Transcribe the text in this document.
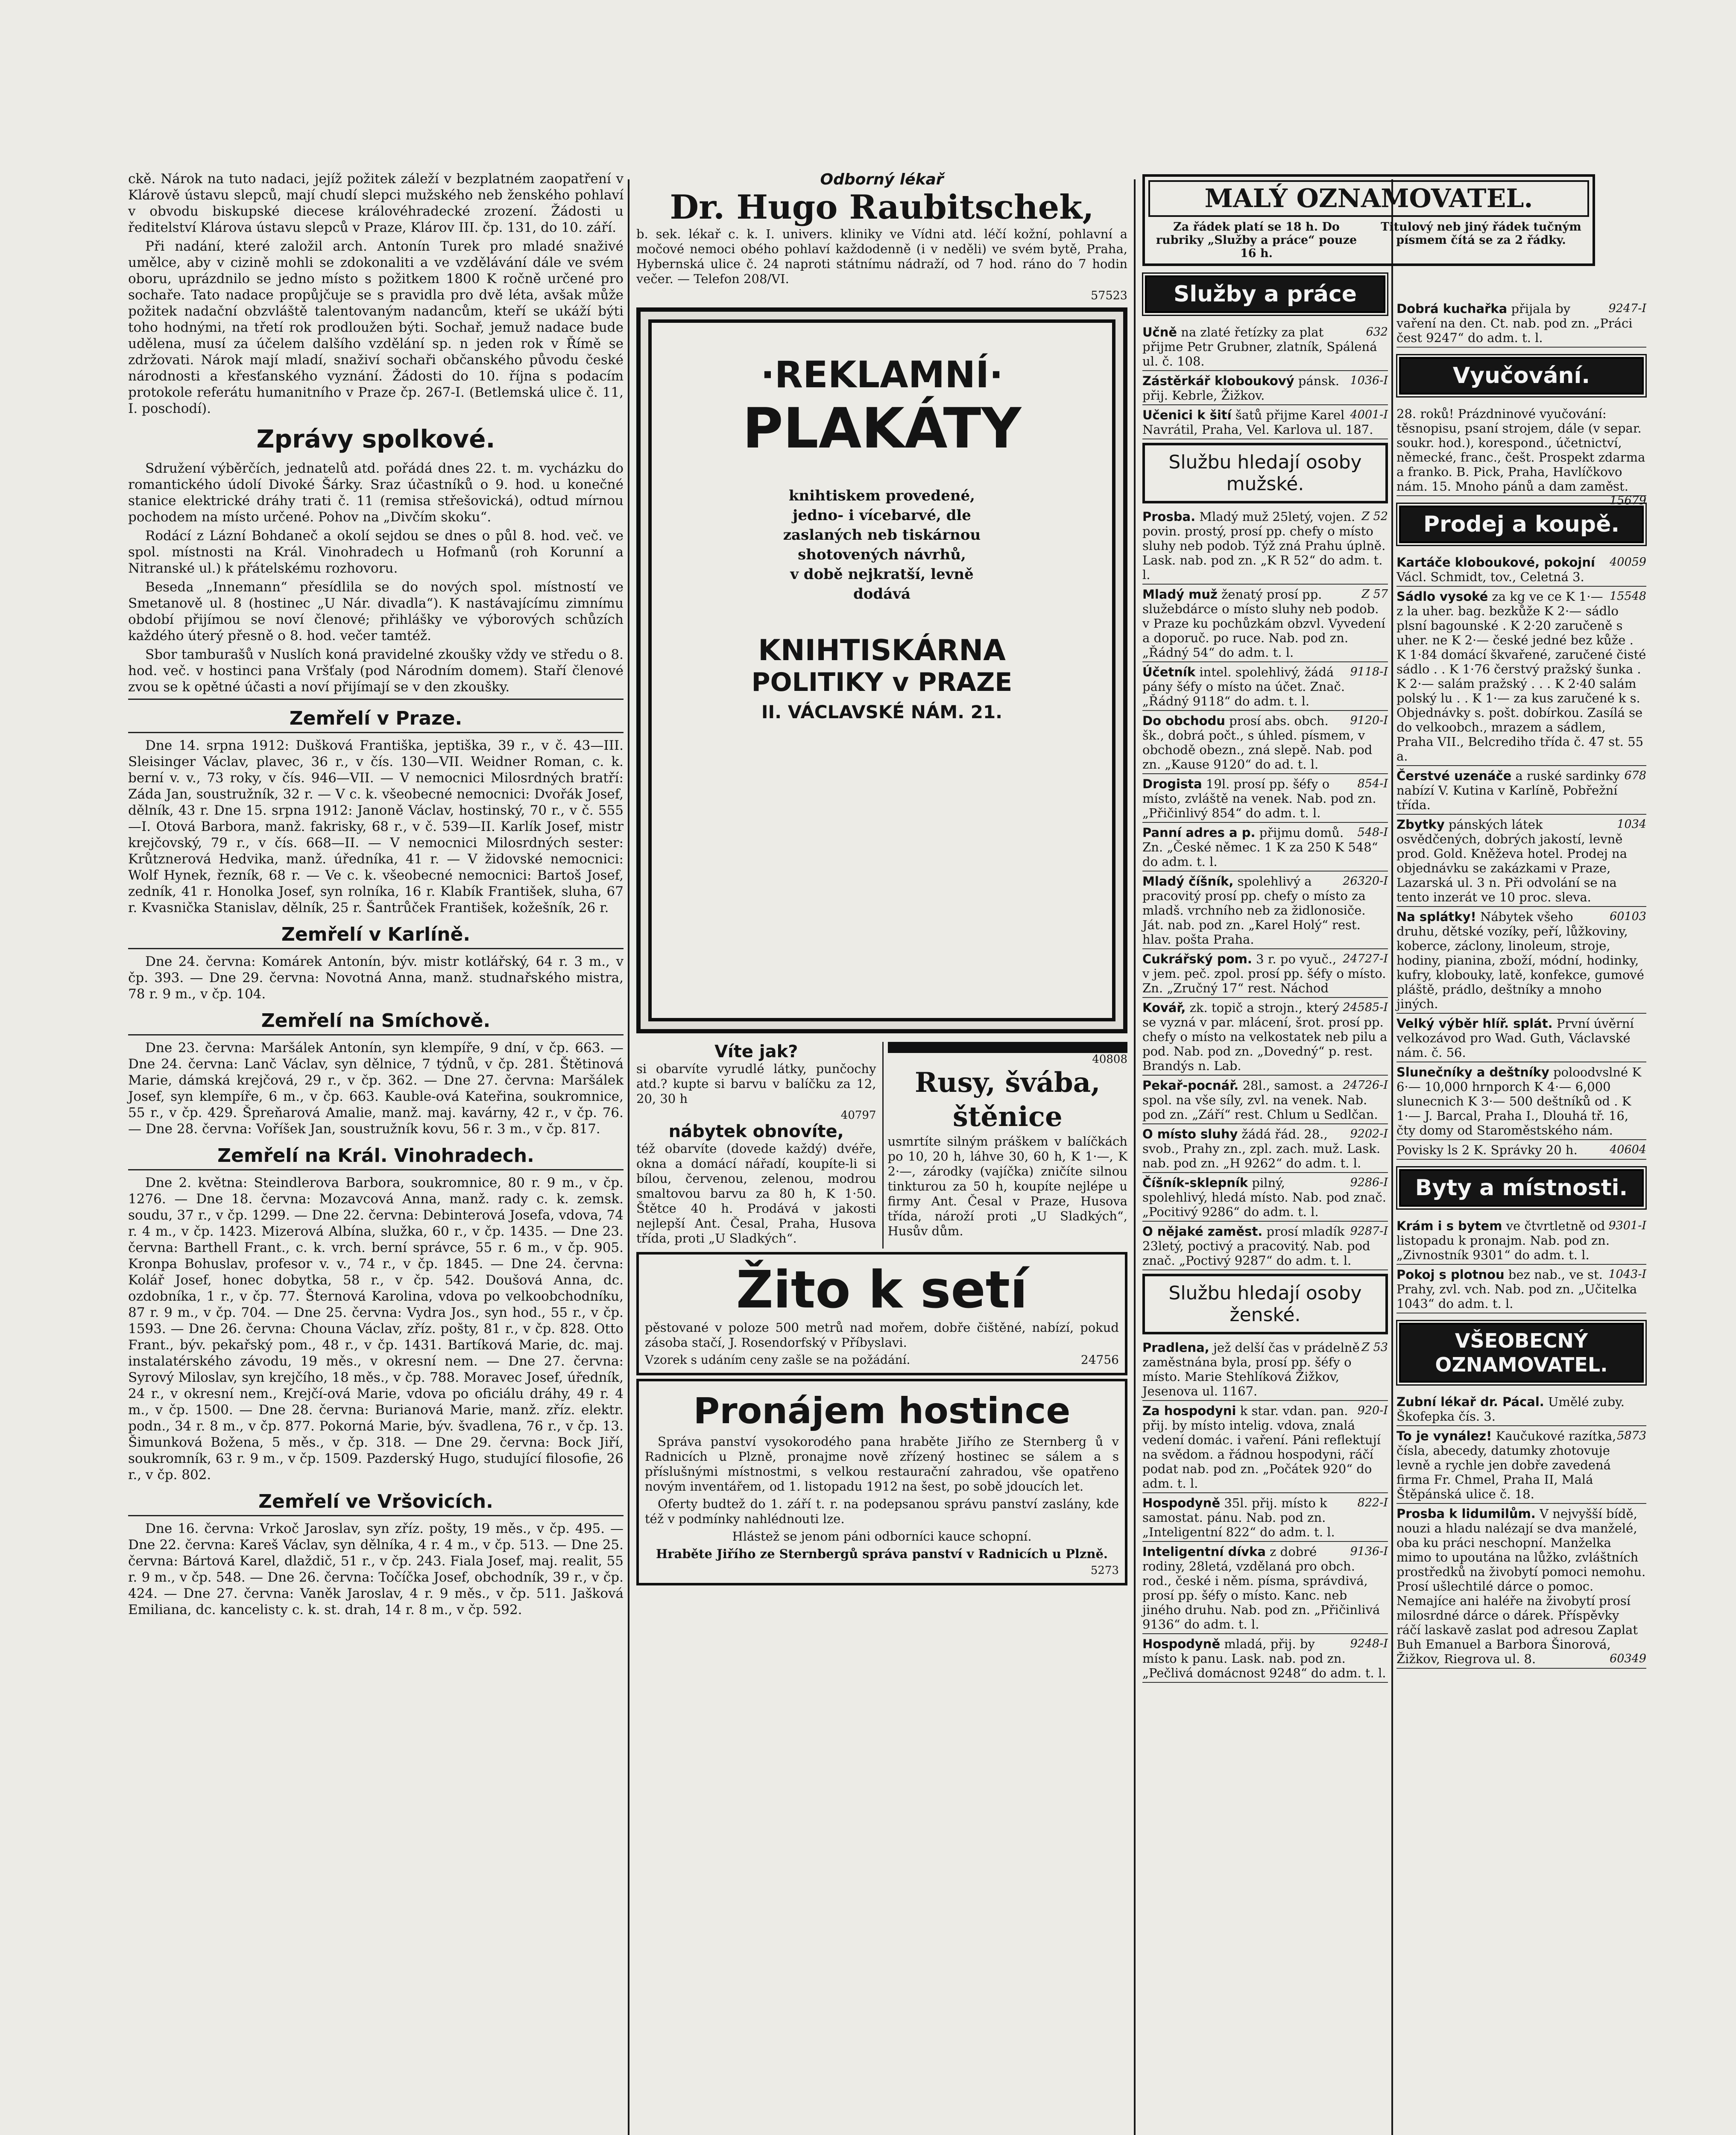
ckě. Nárok na tuto nadaci, jejíž požitek záleží v bezplatném zaopatření v Klárově ústavu slepců, mají chudí slepci mužského neb ženského pohlaví v obvodu biskupské diecese královéhradecké zrození. Žádosti u ředitelství Klárova ústavu slepců v Praze, Klárov III. čp. 131, do 10. září.

Při nadání, které založil arch. Antonín Turek pro mladé snaživé umělce, aby v cizině mohli se zdokonaliti a ve vzdělávání dále ve svém oboru, uprázdnilo se jedno místo s požitkem 1800 K ročně určené pro sochaře. Tato nadace propůjčuje se s pravidla pro dvě léta, avšak může požitek nadační obzvláště talentovaným nadancům, kteří se ukáží býti toho hodnými, na třetí rok prodloužen býti. Sochař, jemuž nadace bude udělena, musí za účelem dalšího vzdělání sp. n jeden rok v Římě se zdržovati. Nárok mají mladí, snaživí sochaři občanského původu české národnosti a křesťanského vyznání. Žádosti do 10. října s podacím protokole referátu humanitního v Praze čp. 267-I. (Betlemská ulice č. 11, I. poschodí).

Zprávy spolkové.

Sdružení výběrčích, jednatelů atd. pořádá dnes 22. t. m. vycházku do romantického údolí Divoké Šárky. Sraz účastníků o 9. hod. u konečné stanice elektrické dráhy trati č. 11 (remisa střešovická), odtud mírnou pochodem na místo určené. Pohov na „Divčím skoku“.

Rodácí z Lázní Bohdaneč a okolí sejdou se dnes o půl 8. hod. več. ve spol. místnosti na Král. Vinohradech u Hofmanů (roh Korunní a Nitranské ul.) k přátelskému rozhovoru.

Beseda „Innemann“ přesídlila se do nových spol. místností ve Smetanově ul. 8 (hostinec „U Nár. divadla“). K nastávajícímu zimnímu období přijímou se noví členové; přihlášky ve výborových schůzích každého úterý přesně o 8. hod. večer tamtéž.

Sbor tamburašů v Nuslích koná pravidelné zkoušky vždy ve středu o 8. hod. več. v hostinci pana Vršťaly (pod Národním domem). Staří členové zvou se k opětné účasti a noví přijímají se v den zkoušky.

Zemřelí v Praze.

Dne 14. srpna 1912: Dušková Františka, jeptiška, 39 r., v č. 43—III. Sleisinger Václav, plavec, 36 r., v čís. 130—VII. Weidner Roman, c. k. berní v. v., 73 roky, v čís. 946—VII. — V nemocnici Milosrdných bratří: Záda Jan, soustružník, 32 r. — V c. k. všeobecné nemocnici: Dvořák Josef, dělník, 43 r. Dne 15. srpna 1912: Janoně Václav, hostinský, 70 r., v č. 555—I. Otová Barbora, manž. fakrisky, 68 r., v č. 539—II. Karlík Josef, mistr krejčovský, 79 r., v čís. 668—II. — V nemocnici Milosrdných sester: Krůtznerová Hedvika, manž. úředníka, 41 r. — V židovské nemocnici: Wolf Hynek, řezník, 68 r. — Ve c. k. všeobecné nemocnici: Bartoš Josef, zedník, 41 r. Honolka Josef, syn rolníka, 16 r. Klabík František, sluha, 67 r. Kvasnička Stanislav, dělník, 25 r. Šantrůček František, kožešník, 26 r.

Zemřelí v Karlíně.

Dne 24. června: Komárek Antonín, býv. mistr kotlářský, 64 r. 3 m., v čp. 393. — Dne 29. června: Novotná Anna, manž. studnařského mistra, 78 r. 9 m., v čp. 104.

Zemřelí na Smíchově.

Dne 23. června: Maršálek Antonín, syn klempíře, 9 dní, v čp. 663. — Dne 24. června: Lanč Václav, syn dělnice, 7 týdnů, v čp. 281. Štětinová Marie, dámská krejčová, 29 r., v čp. 362. — Dne 27. června: Maršálek Josef, syn klempíře, 6 m., v čp. 663. Kauble-ová Kateřina, soukromnice, 55 r., v čp. 429. Špreňarová Amalie, manž. maj. kavárny, 42 r., v čp. 76. — Dne 28. června: Voříšek Jan, soustružník kovu, 56 r. 3 m., v čp. 817.

Zemřelí na Král. Vinohradech.

Dne 2. května: Steindlerova Barbora, soukromnice, 80 r. 9 m., v čp. 1276. — Dne 18. června: Mozavcová Anna, manž. rady c. k. zemsk. soudu, 37 r., v čp. 1299. — Dne 22. června: Debinterová Josefa, vdova, 74 r. 4 m., v čp. 1423. Mizerová Albína, služka, 60 r., v čp. 1435. — Dne 23. června: Barthell Frant., c. k. vrch. berní správce, 55 r. 6 m., v čp. 905. Kronpa Bohuslav, profesor v. v., 74 r., v čp. 1845. — Dne 24. června: Kolář Josef, honec dobytka, 58 r., v čp. 542. Doušová Anna, dc. ozdobníka, 1 r., v čp. 77. Šternová Karolina, vdova po velkoobchodníku, 87 r. 9 m., v čp. 704. — Dne 25. června: Vydra Jos., syn hod., 55 r., v čp. 1593. — Dne 26. června: Chouna Václav, zříz. pošty, 81 r., v čp. 828. Otto Frant., býv. pekařský pom., 48 r., v čp. 1431. Bartíková Marie, dc. maj. instalatérského závodu, 19 měs., v okresní nem. — Dne 27. června: Syrový Miloslav, syn krejčího, 18 měs., v čp. 788. Moravec Josef, úředník, 24 r., v okresní nem., Krejčí-ová Marie, vdova po oficiálu dráhy, 49 r. 4 m., v čp. 1500. — Dne 28. června: Burianová Marie, manž. zříz. elektr. podn., 34 r. 8 m., v čp. 877. Pokorná Marie, býv. švadlena, 76 r., v čp. 13. Šimunková Božena, 5 měs., v čp. 318. — Dne 29. června: Bock Jiří, soukromník, 63 r. 9 m., v čp. 1509. Pazderský Hugo, studující filosofie, 26 r., v čp. 802.

Zemřelí ve Vršovicích.

Dne 16. června: Vrkoč Jaroslav, syn zříz. pošty, 19 měs., v čp. 495. — Dne 22. června: Kareš Václav, syn dělníka, 4 r. 4 m., v čp. 513. — Dne 25. června: Bártová Karel, dlaždič, 51 r., v čp. 243. Fiala Josef, maj. realit, 55 r. 9 m., v čp. 548. — Dne 26. června: Točíčka Josef, obchodník, 39 r., v čp. 424. — Dne 27. června: Vaněk Jaroslav, 4 r. 9 měs., v čp. 511. Jašková Emiliana, dc. kancelisty c. k. st. drah, 14 r. 8 m., v čp. 592.

Odborný lékař
Dr. Hugo Raubitschek,

b. sek. lékař c. k. I. univers. kliniky ve Vídni atd. léčí kožní, pohlavní a močové nemoci obého pohlaví každodenně (i v neděli) ve svém bytě, Praha, Hybernská ulice č. 24 naproti státnímu nádraží, od 7 hod. ráno do 7 hodin večer. — Telefon 208/VI.

57523
·REKLAMNÍ·
PLAKÁTY
knihtiskem provedené,
jedno- i vícebarvé, dle
zaslaných neb tiskárnou
shotovených návrhů,
v době nejkratší, levně
dodává
KNIHTISKÁRNA
POLITIKY v PRAZE
II. VÁCLAVSKÉ NÁM. 21.
Víte jak?

si obarvíte vyrudlé látky, punčochy atd.? kupte si barvu v balíčku za 12, 20, 30 h

40797
nábytek obnovíte,

též obarvíte (dovede každý) dvéře, okna a domácí nářadí, koupíte-li si bílou, červenou, zelenou, modrou smaltovou barvu za 80 h, K 1·50. Štětce 40 h. Prodává v jakosti nejlepší Ant. Česal, Praha, Husova třída, proti „U Sladkých“.

40808
Rusy, švába, štěnice

usmrtíte silným práškem v balíčkách po 10, 20 h, láhve 30, 60 h, K 1·—, K 2·—, zárodky (vajíčka) zničíte silnou tinkturou za 50 h, koupíte nejlépe u firmy Ant. Česal v Praze, Husova třída, nároží proti „U Sladkých“, Husův dům.

Žito k setí

pěstované v poloze 500 metrů nad mořem, dobře čištěné, nabízí, pokud zásoba stačí, J. Rosendorfský v Příbyslavi.

Vzorek s udáním ceny zašle se na požádání.	24756
Pronájem hostince

Správa panství vysokorodého pana hraběte Jiřího ze Sternberg ů v Radnicích u Plzně, pronajme nově zřízený hostinec se sálem a s příslušnými místnostmi, s velkou restaurační zahradou, vše opatřeno novým inventářem, od 1. listopadu 1912 na šest, po sobě jdoucích let.

Oferty budtež do 1. září t. r. na podepsanou správu panství zaslány, kde též v podmínky nahlédnouti lze.

Hlástež se jenom páni odborníci kauce schopní.

Hraběte Jiřího ze Sternbergů správa panství v Radnicích u Plzně.

5273
MALÝ OZNAMOVATEL.
Za řádek platí se 18 h. Do rubriky „Služby a práce“ pouze 16 h.
Titulový neb jiný řádek tučným písmem čítá se za 2 řádky.
Služby a práce

Učně	632
na zlaté řetízky za plat přijme Petr Grubner, zlatník, Spálená ul. č. 108.

Zástěrkář kloboukový	1036-I
pánsk. přij. Kebrle, Žižkov.

Učenici k šití	4001-I
šatů přijme Karel Navrátil, Praha, Vel. Karlova ul. 187.

Službu hledají osoby mužské.

Prosba.	Z 52
Mladý muž 25letý, vojen. povin. prostý, prosí pp. chefy o místo sluhy neb podob. Týž zná Prahu úplně. Lask. nab. pod zn. „K R 52“ do adm. t. l.

Mladý muž	Z 57
ženatý prosí pp. služebdárce o místo sluhy neb podob. v Praze ku pochůzkám obzvl. Vyvedení a doporuč. po ruce. Nab. pod zn. „Řádný 54“ do adm. t. l.

Účetník	9118-I
intel. spolehlivý, žádá pány šéfy o místo na účet. Znač. „Řádný 9118“ do adm. t. l.

Do obchodu	9120-I
prosí abs. obch. šk., dobrá počt., s úhled. písmem, v obchodě obezn., zná slepě. Nab. pod zn. „Kause 9120“ do ad. t. l.

Drogista	854-I
19l. prosí pp. šéfy o místo, zvláště na venek. Nab. pod zn. „Přičinlivý 854“ do adm. t. l.

Panní adres a p.	548-I
přijmu domů. Zn. „České němec. 1 K za 250 K 548“ do adm. t. l.

Mladý číšník,	26320-I
spolehlivý a pracovitý prosí pp. chefy o místo za mladš. vrchního neb za židlonosiče. Ját. nab. pod zn. „Karel Holý“ rest. hlav. pošta Praha.

Cukrářský pom.	24727-I
3 r. po vyuč., v jem. peč. zpol. prosí pp. šéfy o místo. Zn. „Zručný 17“ rest. Náchod

Kovář,	24585-I
zk. topič a strojn., který se vyzná v par. mlácení, šrot. prosí pp. chefy o místo na velkostatek neb pilu a pod. Nab. pod zn. „Dovedný“ p. rest. Brandýs n. Lab.

Pekař-pocnář.	24726-I
28l., samost. a spol. na vše síly, zvl. na venek. Nab. pod zn. „Září“ rest. Chlum u Sedlčan.

O místo sluhy	9202-I
žádá řád. 28., svob., Prahy zn., zpl. zach. muž. Lask. nab. pod zn. „H 9262“ do adm. t. l.

Číšník-sklepník	9286-I
pilný, spolehlivý, hledá místo. Nab. pod znač. „Pocitivý 9286“ do adm. t. l.

O nějaké zaměst.	9287-I
prosí mladík 23letý, poctivý a pracovitý. Nab. pod znač. „Poctivý 9287“ do adm. t. l.

Službu hledají osoby ženské.

Pradlena,	Z 53
jež delší čas v prádelně zaměstnána byla, prosí pp. šéfy o místo. Marie Stehlíková Žižkov, Jesenova ul. 1167.

Za hospodyni	920-I
k star. vdan. pan. přij. by místo intelig. vdova, znalá vedení domác. i vaření. Páni reflektují na svědom. a řádnou hospodyni, ráčí podat nab. pod zn. „Počátek 920“ do adm. t. l.

Hospodyně	822-I
35l. přij. místo k samostat. pánu. Nab. pod zn. „Inteligentní 822“ do adm. t. l.

Inteligentní dívka	9136-I
z dobré rodiny, 28letá, vzdělaná pro obch. rod., české i něm. písma, správdivá, prosí pp. šéfy o místo. Kanc. neb jiného druhu. Nab. pod zn. „Přičinlivá 9136“ do adm. t. l.

Hospodyně	9248-I
mladá, přij. by místo k panu. Lask. nab. pod zn. „Pečlivá domácnost 9248“ do adm. t. l.

Dobrá kuchařka	9247-I
přijala by vaření na den. Ct. nab. pod zn. „Práci čest 9247“ do adm. t. l.

Vyučování.

28. roků! Prázdninové vyučování: těsnopisu, psaní strojem, dále (v separ. soukr. hod.), korespond., účetnictví, německé, franc., češt. Prospekt zdarma a franko. B. Pick, Praha, Havlíčkovo nám. 15. Mnoho pánů a dam zaměst.
15679

Prodej a koupě.

Kartáče kloboukové, pokojní 40059
Václ. Schmidt, tov., Celetná 3.

Sádlo vysoké	15548
za kg ve ce K 1·— z la uher. bag. bezkůže K 2·— sádlo plsní bagounské . K 2·20 zaručeně s uher. ne K 2·— české jedné bez kůže . K 1·84 domácí škvařené, zaručené čisté sádlo . . K 1·76 čerstvý pražský šunka . K 2·— salám pražský . . . K 2·40 salám polský lu . . K 1·— za kus zaručené k s. Objednávky s. pošt. dobírkou. Zasílá se do velkoobch., mrazem a sádlem, Praha VII., Belcrediho třída č. 47 st. 55 a.

Čerstvé uzenáče	678
a ruské sardinky nabízí V. Kutina v Karlíně, Pobřežní třída.

Zbytky	1034
pánských látek osvědčených, dobrých jakostí, levně prod. Gold. Kněževa hotel. Prodej na objednávku se zakázkami v Praze, Lazarská ul. 3 n. Při odvolání se na tento inzerát ve 10 proc. sleva.

Na splátky!	60103
Nábytek všeho druhu, dětské vozíky, peří, lůžkoviny, koberce, záclony, linoleum, stroje, hodiny, pianina, zboží, módní, hodinky, kufry, klobouky, latě, konfekce, gumové pláště, prádlo, deštníky a mnoho jiných.

Velký výběr hlíř. splát. První úvěrní velkozávod pro Wad. Guth, Václavské nám. č. 56.

Slunečníky a deštníky poloodvslné K 6·— 10,000 hrnporch K 4·— 6,000 slunecnich K 3·— 500 deštníků od . K 1·— J. Barcal, Praha I., Dlouhá tř. 16, čty domy od Staroměstského nám.

40604
Povisky ls 2 K. Správky 20 h.

Byty a místnosti.

Krám i s bytem	9301-I
ve čtvrtletně od listopadu k pronajm. Nab. pod zn. „Zivnostník 9301“ do adm. t. l.

Pokoj s plotnou	1043-I
bez nab., ve st. Prahy, zvl. vch. Nab. pod zn. „Učitelka 1043“ do adm. t. l.

VŠEOBECNÝ
OZNAMOVATEL.

Zubní lékař dr. Pácal. Umělé zuby. Škofepka čís. 3.

To je vynález!	5873
Kaučukové razítka, čísla, abecedy, datumky zhotovuje levně a rychle jen dobře zavedená firma Fr. Chmel, Praha II, Malá Štěpánská ulice č. 18.

Prosba k lidumilům. V nejvyšší bídě, nouzi a hladu nalézají se dva manželé, oba ku práci neschopní. Manželka mimo to upoutána na lůžko, zvláštních prostředků na živobytí pomoci nemohu. Prosí ušlechtilé dárce o pomoc. Nemajíce ani haléře na živobytí prosí milosrdné dárce o dárek. Příspěvky ráčí laskavě zaslat pod adresou Zaplat Buh Emanuel a Barbora Šinorová, Žižkov, Riegrova ul. 8.	60349
